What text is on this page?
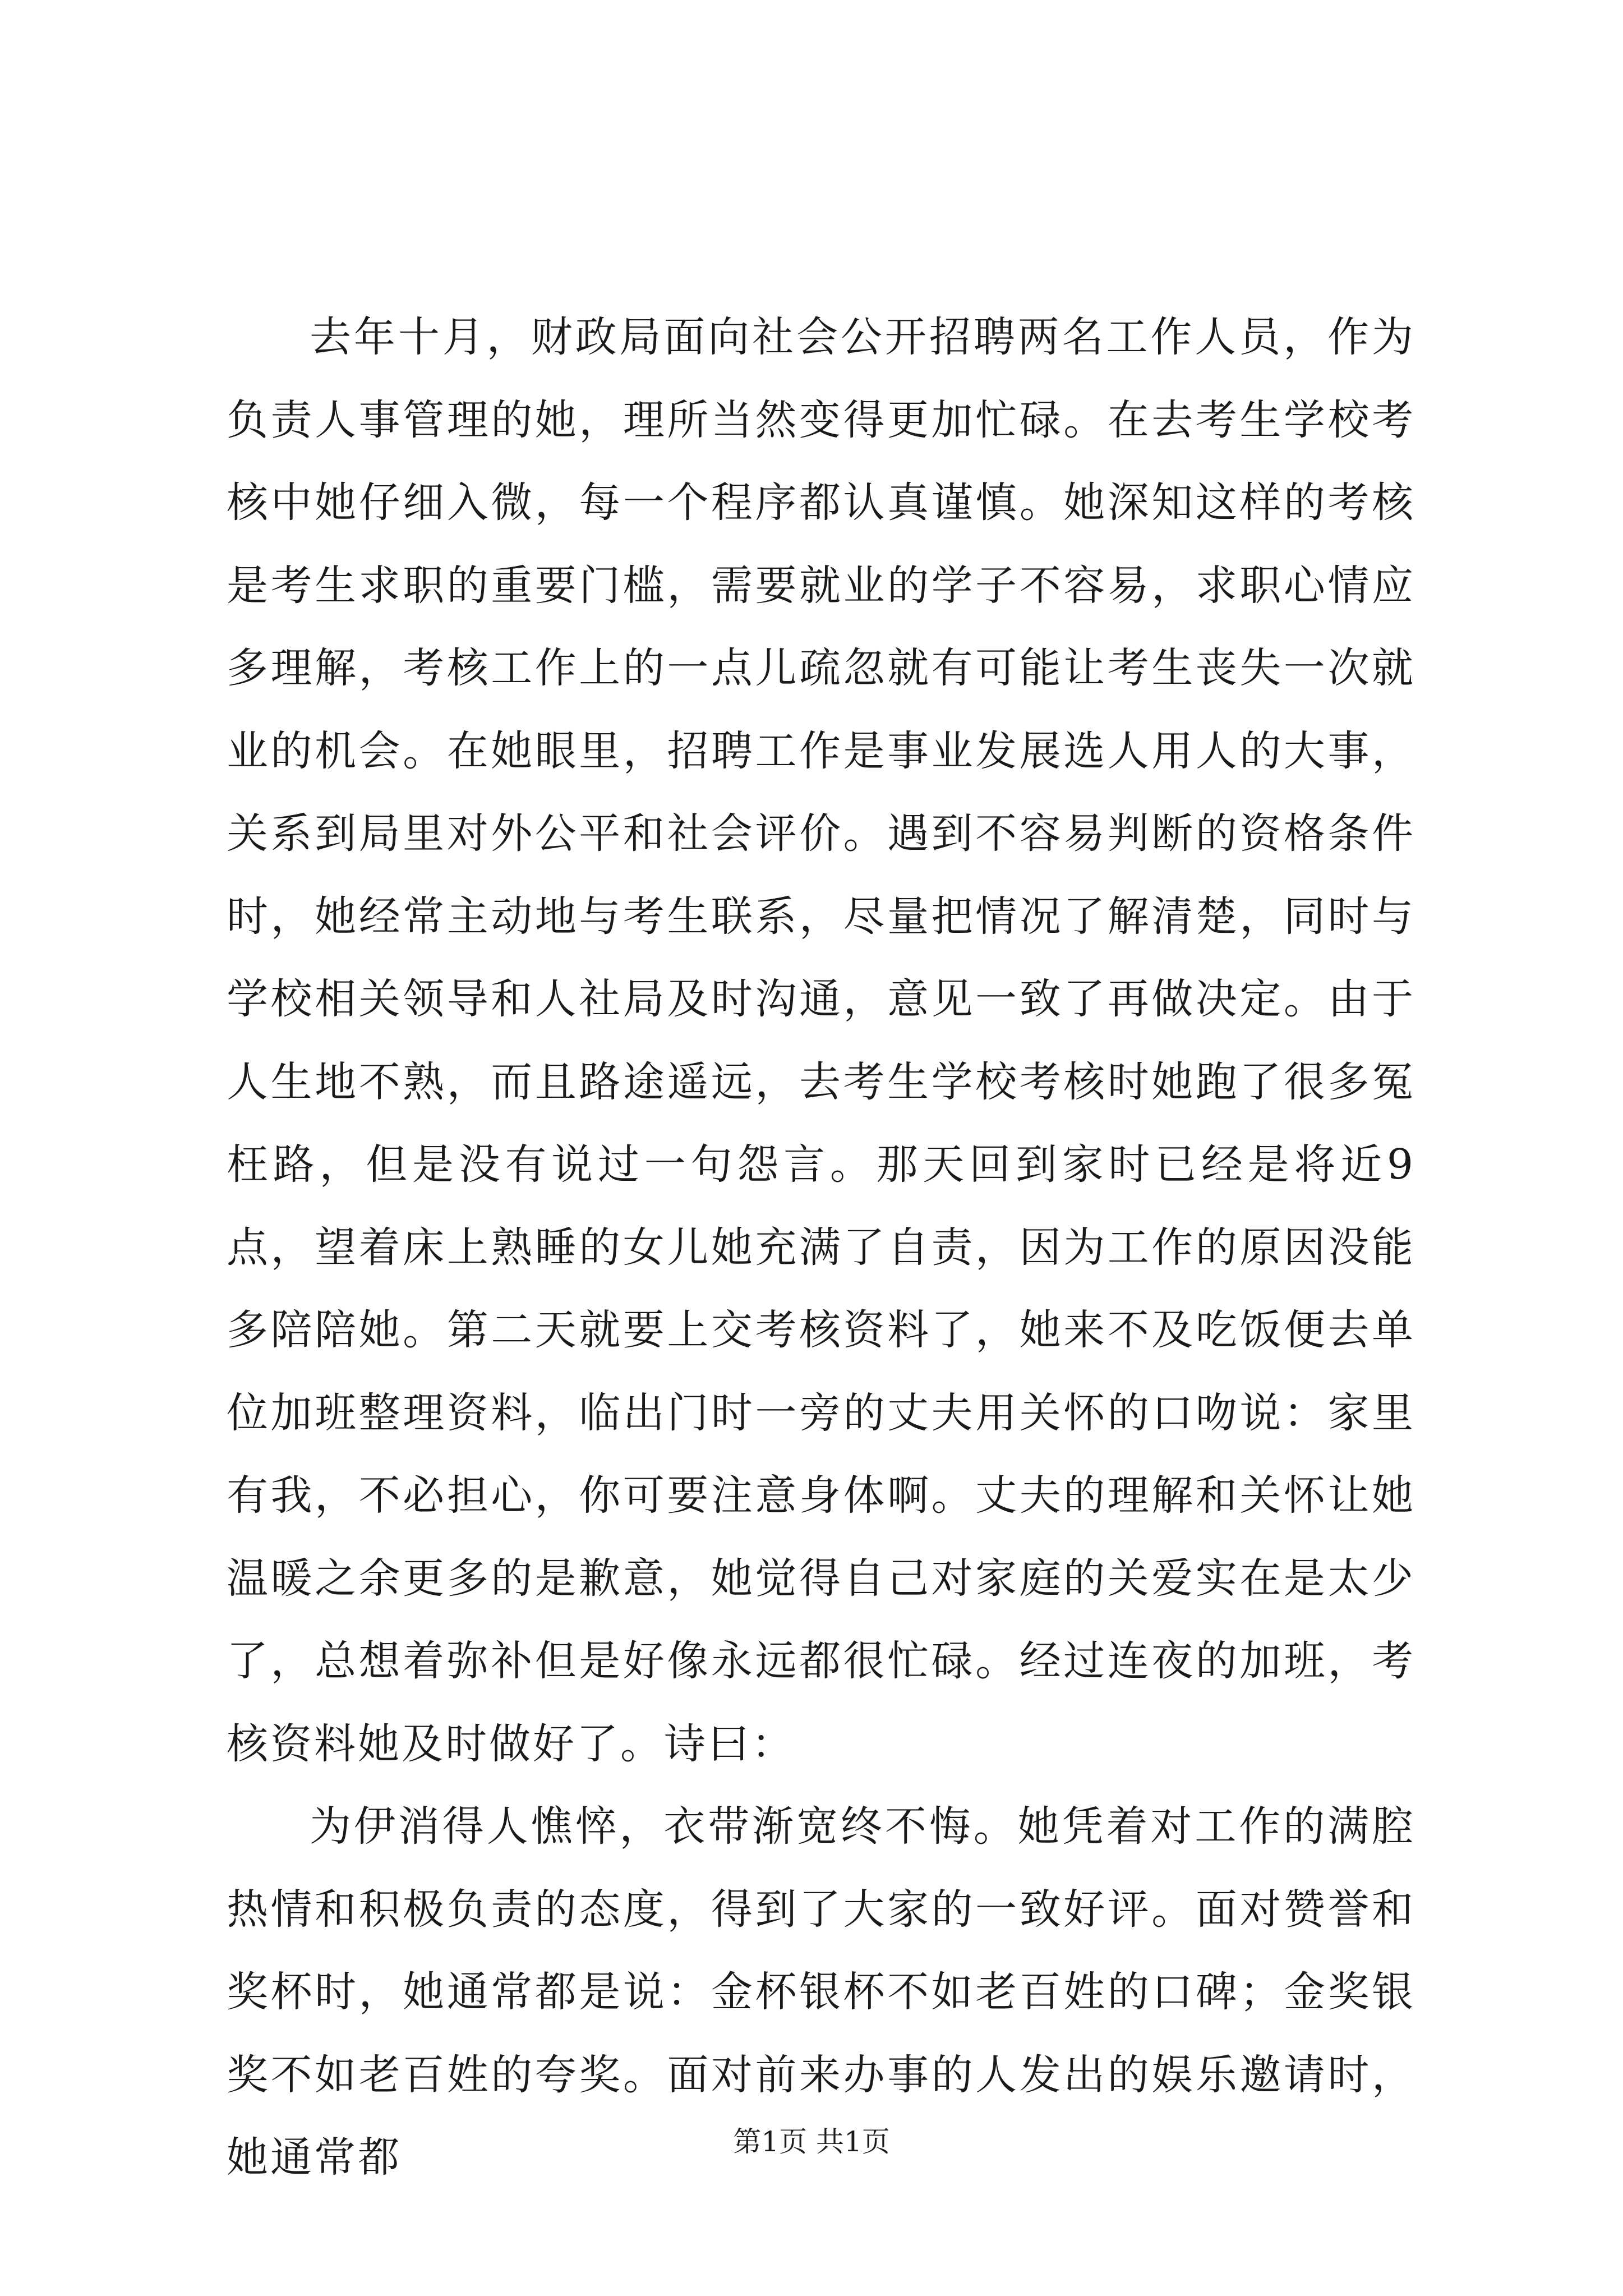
去年十月，财政局面向社会公开招聘两名工作人员，作为负责人事管理的她，理所当然变得更加忙碌。在去考生学校考核中她仔细入微，每一个程序都认真谨慎。她深知这样的考核是考生求职的重要门槛，需要就业的学子不容易，求职心情应多理解，考核工作上的一点儿疏忽就有可能让考生丧失一次就业的机会。在她眼里，招聘工作是事业发展选人用人的大事，关系到局里对外公平和社会评价。遇到不容易判断的资格条件时，她经常主动地与考生联系，尽量把情况了解清楚，同时与学校相关领导和人社局及时沟通，意见一致了再做决定。由于人生地不熟，而且路途遥远，去考生学校考核时她跑了很多冤枉路，但是没有说过一句怨言。那天回到家时已经是将近9点，望着床上熟睡的女儿她充满了自责，因为工作的原因没能多陪陪她。第二天就要上交考核资料了，她来不及吃饭便去单位加班整理资料，临出门时一旁的丈夫用关怀的口吻说：家里有我，不必担心，你可要注意身体啊。丈夫的理解和关怀让她温暖之余更多的是歉意，她觉得自己对家庭的关爱实在是太少了，总想着弥补但是好像永远都很忙碌。经过连夜的加班，考核资料她及时做好了。诗曰：

为伊消得人憔悴，衣带渐宽终不悔。她凭着对工作的满腔热情和积极负责的态度，得到了大家的一致好评。面对赞誉和奖杯时，她通常都是说：金杯银杯不如老百姓的口碑；金奖银奖不如老百姓的夸奖。面对前来办事的人发出的娱乐邀请时，她通常都	第1页 共1页
